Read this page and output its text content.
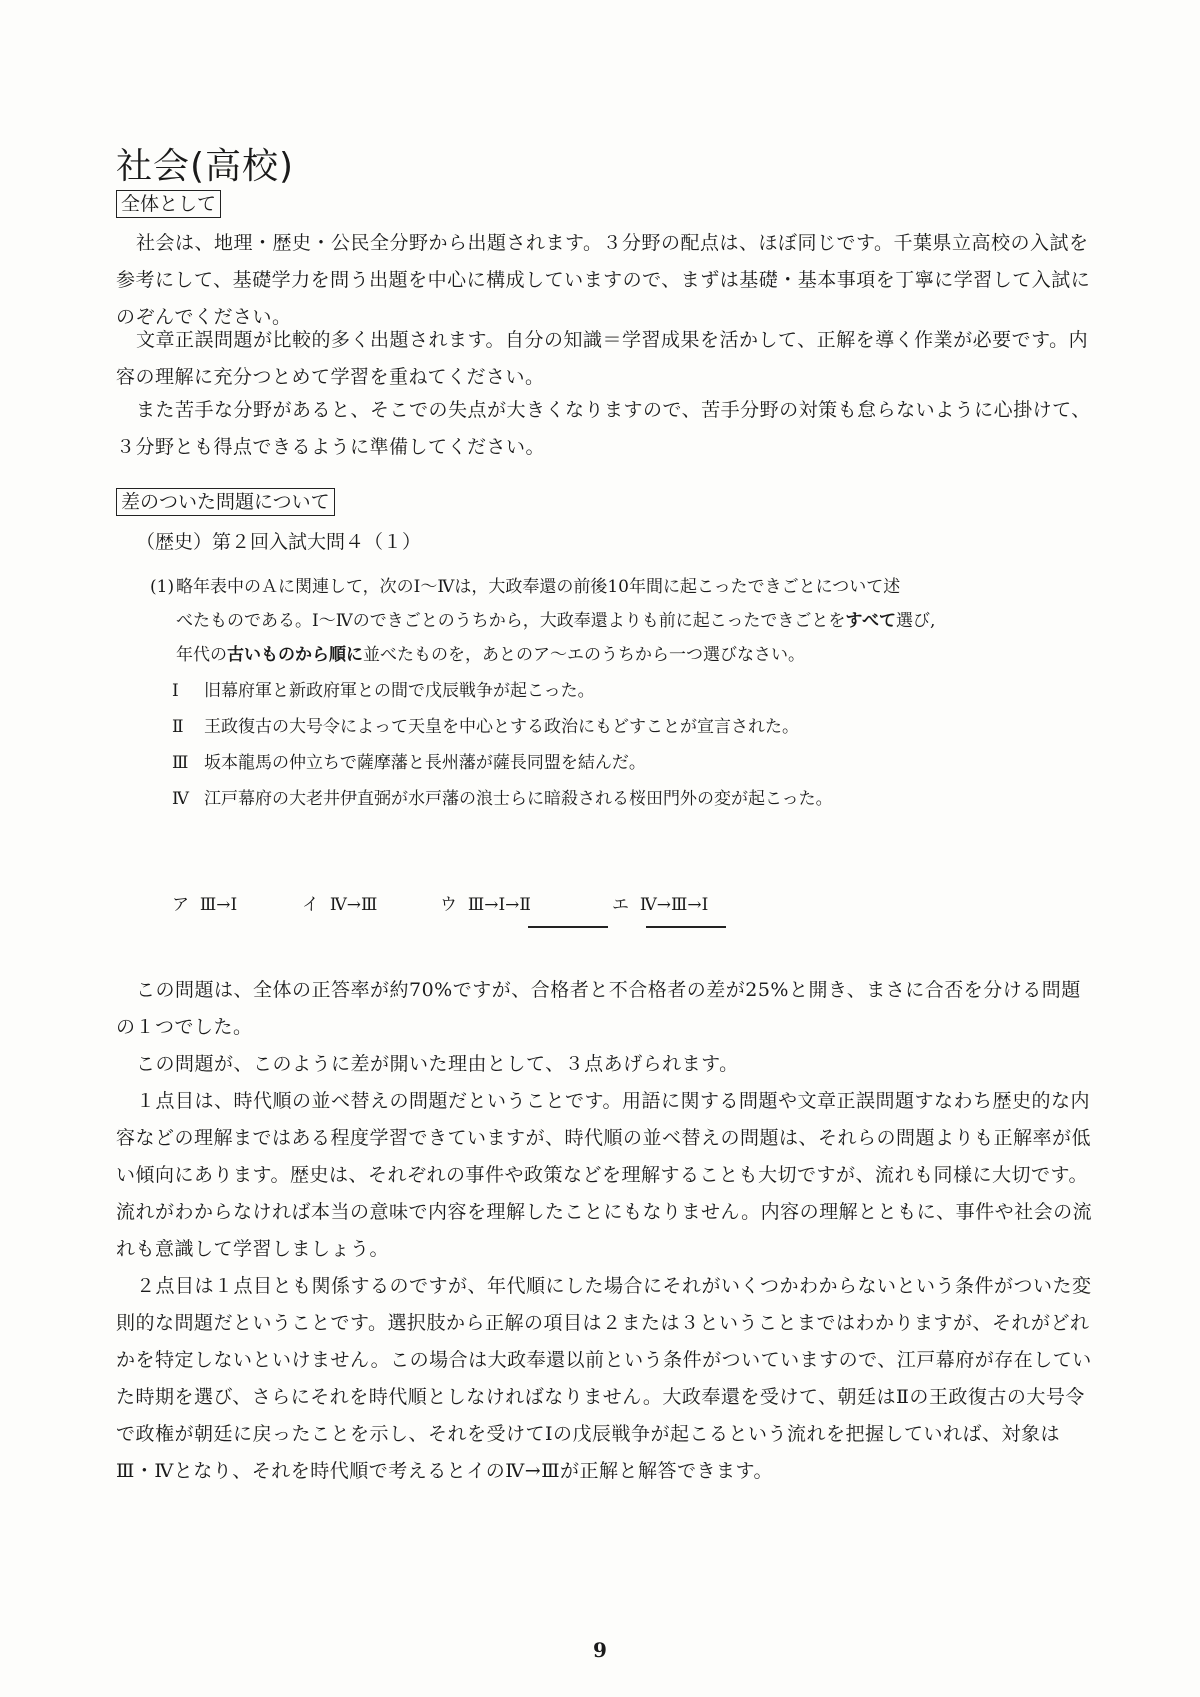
社会(高校)
全体として

社会は、地理・歴史・公民全分野から出題されます。３分野の配点は、ほぼ同じです。千葉県立高校の入試を参考にして、基礎学力を問う出題を中心に構成していますので、まずは基礎・基本事項を丁寧に学習して入試にのぞんでください。

文章正誤問題が比較的多く出題されます。自分の知識＝学習成果を活かして、正解を導く作業が必要です。内容の理解に充分つとめて学習を重ねてください。

また苦手な分野があると、そこでの失点が大きくなりますので、苦手分野の対策も怠らないように心掛けて、３分野とも得点できるように準備してください。

差のついた問題について
（歴史）第２回入試大問４（１）

(1) 略年表中のＡに関連して，次のⅠ～Ⅳは，大政奉還の前後10年間に起こったできごとについて述

べたものである。Ⅰ～Ⅳのできごとのうちから，大政奉還よりも前に起こったできごとをすべて選び,

年代の古いものから順に並べたものを，あとのア～エのうちから一つ選びなさい。

Ⅰ 旧幕府軍と新政府軍との間で戊辰戦争が起こった。
Ⅱ 王政復古の大号令によって天皇を中心とする政治にもどすことが宣言された。
Ⅲ 坂本龍馬の仲立ちで薩摩藩と長州藩が薩長同盟を結んだ。
Ⅳ 江戸幕府の大老井伊直弼が水戸藩の浪士らに暗殺される桜田門外の変が起こった。
ア Ⅲ→Ⅰ	イ Ⅳ→Ⅲ	ウ Ⅲ→Ⅰ→Ⅱ	エ Ⅳ→Ⅲ→Ⅰ

この問題は、全体の正答率が約70%ですが、合格者と不合格者の差が25%と開き、まさに合否を分ける問題の１つでした。

この問題が、このように差が開いた理由として、３点あげられます。

１点目は、時代順の並べ替えの問題だということです。用語に関する問題や文章正誤問題すなわち歴史的な内容などの理解まではある程度学習できていますが、時代順の並べ替えの問題は、それらの問題よりも正解率が低い傾向にあります。歴史は、それぞれの事件や政策などを理解することも大切ですが、流れも同様に大切です。流れがわからなければ本当の意味で内容を理解したことにもなりません。内容の理解とともに、事件や社会の流れも意識して学習しましょう。

２点目は１点目とも関係するのですが、年代順にした場合にそれがいくつかわからないという条件がついた変則的な問題だということです。選択肢から正解の項目は２または３ということまではわかりますが、それがどれかを特定しないといけません。この場合は大政奉還以前という条件がついていますので、江戸幕府が存在していた時期を選び、さらにそれを時代順としなければなりません。大政奉還を受けて、朝廷はⅡの王政復古の大号令で政権が朝廷に戻ったことを示し、それを受けてⅠの戊辰戦争が起こるという流れを把握していれば、対象はⅢ・Ⅳとなり、それを時代順で考えるとイのⅣ→Ⅲが正解と解答できます。

9
